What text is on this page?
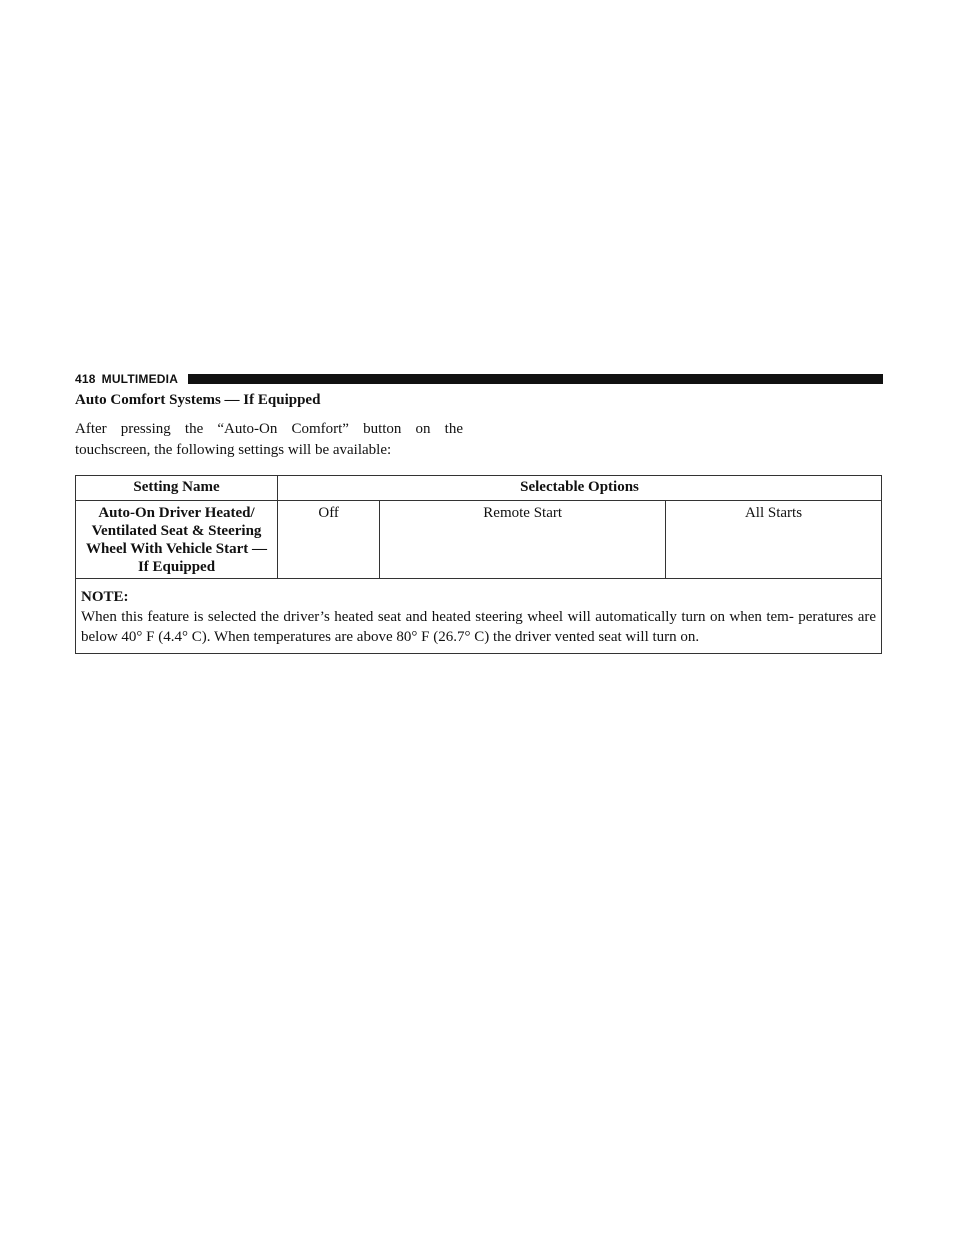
418 MULTIMEDIA
Auto Comfort Systems — If Equipped

After pressing the “Auto-On Comfort” button on the touchscreen, the following settings will be available:

Setting Name	Selectable Options		
Auto-On Driver Heated/ Ventilated Seat & Steering Wheel With Vehicle Start — If Equipped	Off	Remote Start	All Starts

NOTE:
When this feature is selected the driver’s heated seat and heated steering wheel will automatically turn on when tem- peratures are below 40° F (4.4° C). When temperatures are above 80° F (26.7° C) the driver vented seat will turn on.			
